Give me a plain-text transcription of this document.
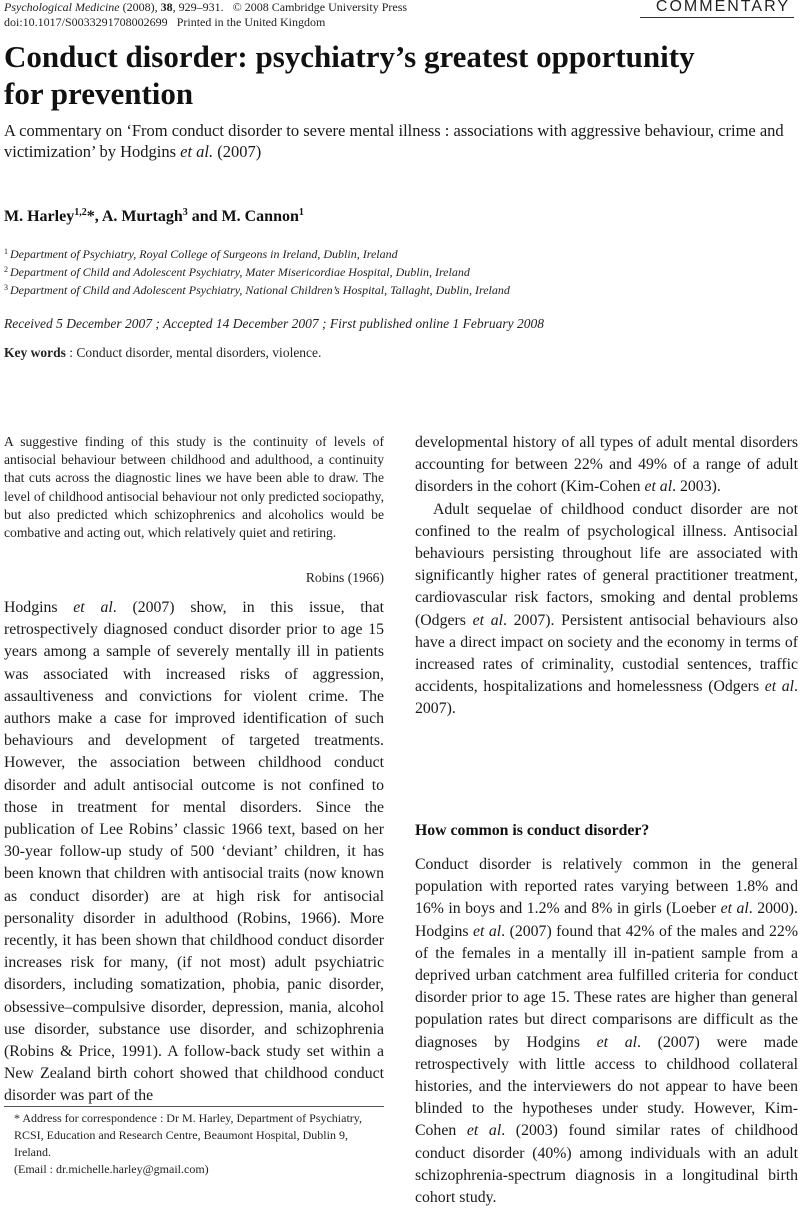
Psychological Medicine (2008), 38, 929–931. © 2008 Cambridge University Press
doi:10.1017/S0033291708002699 Printed in the United Kingdom
COMMENTARY
Conduct disorder: psychiatry’s greatest opportunity
for prevention
A commentary on ‘From conduct disorder to severe mental illness : associations with aggressive behaviour, crime and victimization’ by Hodgins et al. (2007)
M. Harley$^{1,2}$*, A. Murtagh$^3$ and M. Cannon$^1$
$^1$ Department of Psychiatry, Royal College of Surgeons in Ireland, Dublin, Ireland
$^2$ Department of Child and Adolescent Psychiatry, Mater Misericordiae Hospital, Dublin, Ireland
$^3$ Department of Child and Adolescent Psychiatry, National Children’s Hospital, Tallaght, Dublin, Ireland
Received 5 December 2007 ; Accepted 14 December 2007 ; First published online 1 February 2008
Key words : Conduct disorder, mental disorders, violence.
A suggestive finding of this study is the continuity of levels of antisocial behaviour between childhood and adulthood, a continuity that cuts across the diagnostic lines we have been able to draw. The level of childhood antisocial behaviour not only predicted sociopathy, but also predicted which schizophrenics and alcoholics would be combative and acting out, which relatively quiet and retiring.
Robins (1966)

Hodgins et al. (2007) show, in this issue, that retrospectively diagnosed conduct disorder prior to age 15 years among a sample of severely mentally ill in patients was associated with increased risks of aggression, assaultiveness and convictions for violent crime. The authors make a case for improved identification of such behaviours and development of targeted treatments. However, the association between childhood conduct disorder and adult antisocial outcome is not confined to those in treatment for mental disorders. Since the publication of Lee Robins’ classic 1966 text, based on her 30-year follow-up study of 500 ‘deviant’ children, it has been known that children with antisocial traits (now known as conduct disorder) are at high risk for antisocial personality disorder in adulthood (Robins, 1966). More recently, it has been shown that childhood conduct disorder increases risk for many, (if not most) adult psychiatric disorders, including somatization, phobia, panic disorder, obsessive–compulsive disorder, depression, mania, alcohol use disorder, substance use disorder, and schizophrenia (Robins & Price, 1991). A follow-back study set within a New Zealand birth cohort showed that childhood conduct disorder was part of the

developmental history of all types of adult mental disorders accounting for between 22% and 49% of a range of adult disorders in the cohort (Kim-Cohen et al. 2003).

Adult sequelae of childhood conduct disorder are not confined to the realm of psychological illness. Antisocial behaviours persisting throughout life are associated with significantly higher rates of general practitioner treatment, cardiovascular risk factors, smoking and dental problems (Odgers et al. 2007). Persistent antisocial behaviours also have a direct impact on society and the economy in terms of increased rates of criminality, custodial sentences, traffic accidents, hospitalizations and homelessness (Odgers et al. 2007).

How common is conduct disorder?

Conduct disorder is relatively common in the general population with reported rates varying between 1.8% and 16% in boys and 1.2% and 8% in girls (Loeber et al. 2000). Hodgins et al. (2007) found that 42% of the males and 22% of the females in a mentally ill in-patient sample from a deprived urban catchment area fulfilled criteria for conduct disorder prior to age 15. These rates are higher than general population rates but direct comparisons are difficult as the diagnoses by Hodgins et al. (2007) were made retrospectively with little access to childhood collateral histories, and the interviewers do not appear to have been blinded to the hypotheses under study. However, Kim-Cohen et al. (2003) found similar rates of childhood conduct disorder (40%) among individuals with an adult schizophrenia-spectrum diagnosis in a longitudinal birth cohort study.

* Address for correspondence : Dr M. Harley, Department of Psychiatry, RCSI, Education and Research Centre, Beaumont Hospital, Dublin 9, Ireland.
(Email : dr.michelle.harley@gmail.com)
